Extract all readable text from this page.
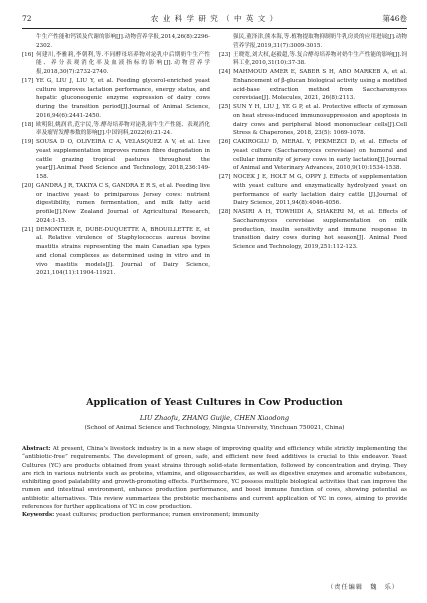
72	农 业 科 学 研 究 （ 中 英 文 ）	第46卷
牛生产性能和钙镁及代谢的影响[J].动物营养学报,2014,26(8):2296-2302.
[16] 何建川,李雅莉,李朝利,等.不同酵母培养物对泌乳中后期奶牛生产性能、养分表观消化率及血液指标的影响[J].动物营养学报,2018,30(7):2732-2740.
[17] YE G, LIU J, LIU Y, et al. Feeding glycerol-enriched yeast culture improves lactation performance, energy status, and hepatic gluconeogenic enzyme expression of dairy cows during the transition period[J].Journal of Animal Science, 2016,94(6):2441-2450.
[18] 欧明阳,姚润君,范宇民,等.酵母培养物对泌乳初牛生产性能、表观消化率及瘤胃发酵参数的影响[J].中国饲料,2022(6):21-24.
[19] SOUSA D O, OLIVEIRA C A, VELASQUEZ A V, et al. Live yeast supplementation improves rumen fibre degradation in cattle grazing tropical pastures throughout the year[J].Animal Feed Science and Technology, 2018,236:149-158.
[20] GANDRA J R, TAKIYA C S, GANDRA E R S, et al. Feeding live or inactive yeast to primiparous Jersey cows: nutrient digestibility, rumen fermentation, and milk fatty acid profile[J].New Zealand Journal of Agricultural Research, 2024:1-15.
[21] DEMONTIER E, DUBE-DUQUETTE A, BROUILLETTE E, et al. Relative virulence of Staphylococcus aureus bovine mastitis strains representing the main Canadian spa types and clonal complexes as determined using in vitro and in vivo mastitis models[J]. Journal of Dairy Science, 2021,104(11):11904-11921.
强民,董泽津,熊本海,等.植物提取物抑制奶牛乳房炎的应用进展[J].动物营养学报,2019,31(7):3009-3015.
[23] 王晓宽,刘大权,赵毅超,等.复合酵母培养物对奶牛生产性能的影响[J].饲料工业,2010,31(10):37-38.
[24] MAHMOUD AMER E, SABER S H, ABO MARKEB A, et al. Enhancement of β-glucan biological activity using a modified acid-base extraction method from Saccharomyces cerevisiae[J]. Molecules, 2021, 26(8):2113.
[25] SUN Y H, LIU J, YE G P, et al. Protective effects of zymosan on heat stress-induced immunosuppression and apoptosis in dairy cows and peripheral blood mononuclear cells[J].Cell Stress & Chaperones, 2018, 23(5): 1069-1078.
[26] CAKIROGLU D, MERAL Y, PEKMEZCI D, et al. Effects of yeast culture (Saccharomyces cerevisiae) on humoral and cellular immunity of jersey cows in early lactation[J].Journal of Animal and Veterinary Advances, 2010,9(10):1534-1538.
[27] NOCEK J E, HOLT M G, OPPY J. Effects of supplementation with yeast culture and enzymatically hydrolyzed yeast on performance of early lactation dairy cattle [J].Journal of Dairy Science, 2011,94(8):4046-4056.
[28] NASIRI A H, TOWHIDI A, SHAKERI M, et al. Effects of Saccharomyces cerevisiae supplementation on milk production, insulin sensitivity and immune response in transition dairy cows during hot season[J]. Animal Feed Science and Technology, 2019,251:112-123.
Application of Yeast Cultures in Cow Production
LIU Zhaofu, ZHANG Guijie, CHEN Xiaodong
(School of Animal Science and Technology, Ningxia University, Yinchuan 750021, China)
Abstract: At present, China’s livestock industry is in a new stage of improving quality and efficiency while strictly implementing the “antibiotic-free” requirements. The development of green, safe, and efficient new feed additives is crucial to this endeavor. Yeast Cultures (YC) are products obtained from yeast strains through solid-state fermentation, followed by concentration and drying. They are rich in various nutrients such as proteins, vitamins, and oligosaccharides, as well as digestive enzymes and aromatic substances, exhibiting good palatability and growth-promoting effects. Furthermore, YC possess multiple biological activities that can improve the rumen and intestinal environment, enhance production performance, and boost immune function of cows, showing potential as antibiotic alternatives. This review summarizes the prebiotic mechanisms and current application of YC in cows, aiming to provide references for further applications of YC in cow production.
Keywords: yeast cultures; production performance; rumen environment; immunity
（责任编辑　魏　乐）
